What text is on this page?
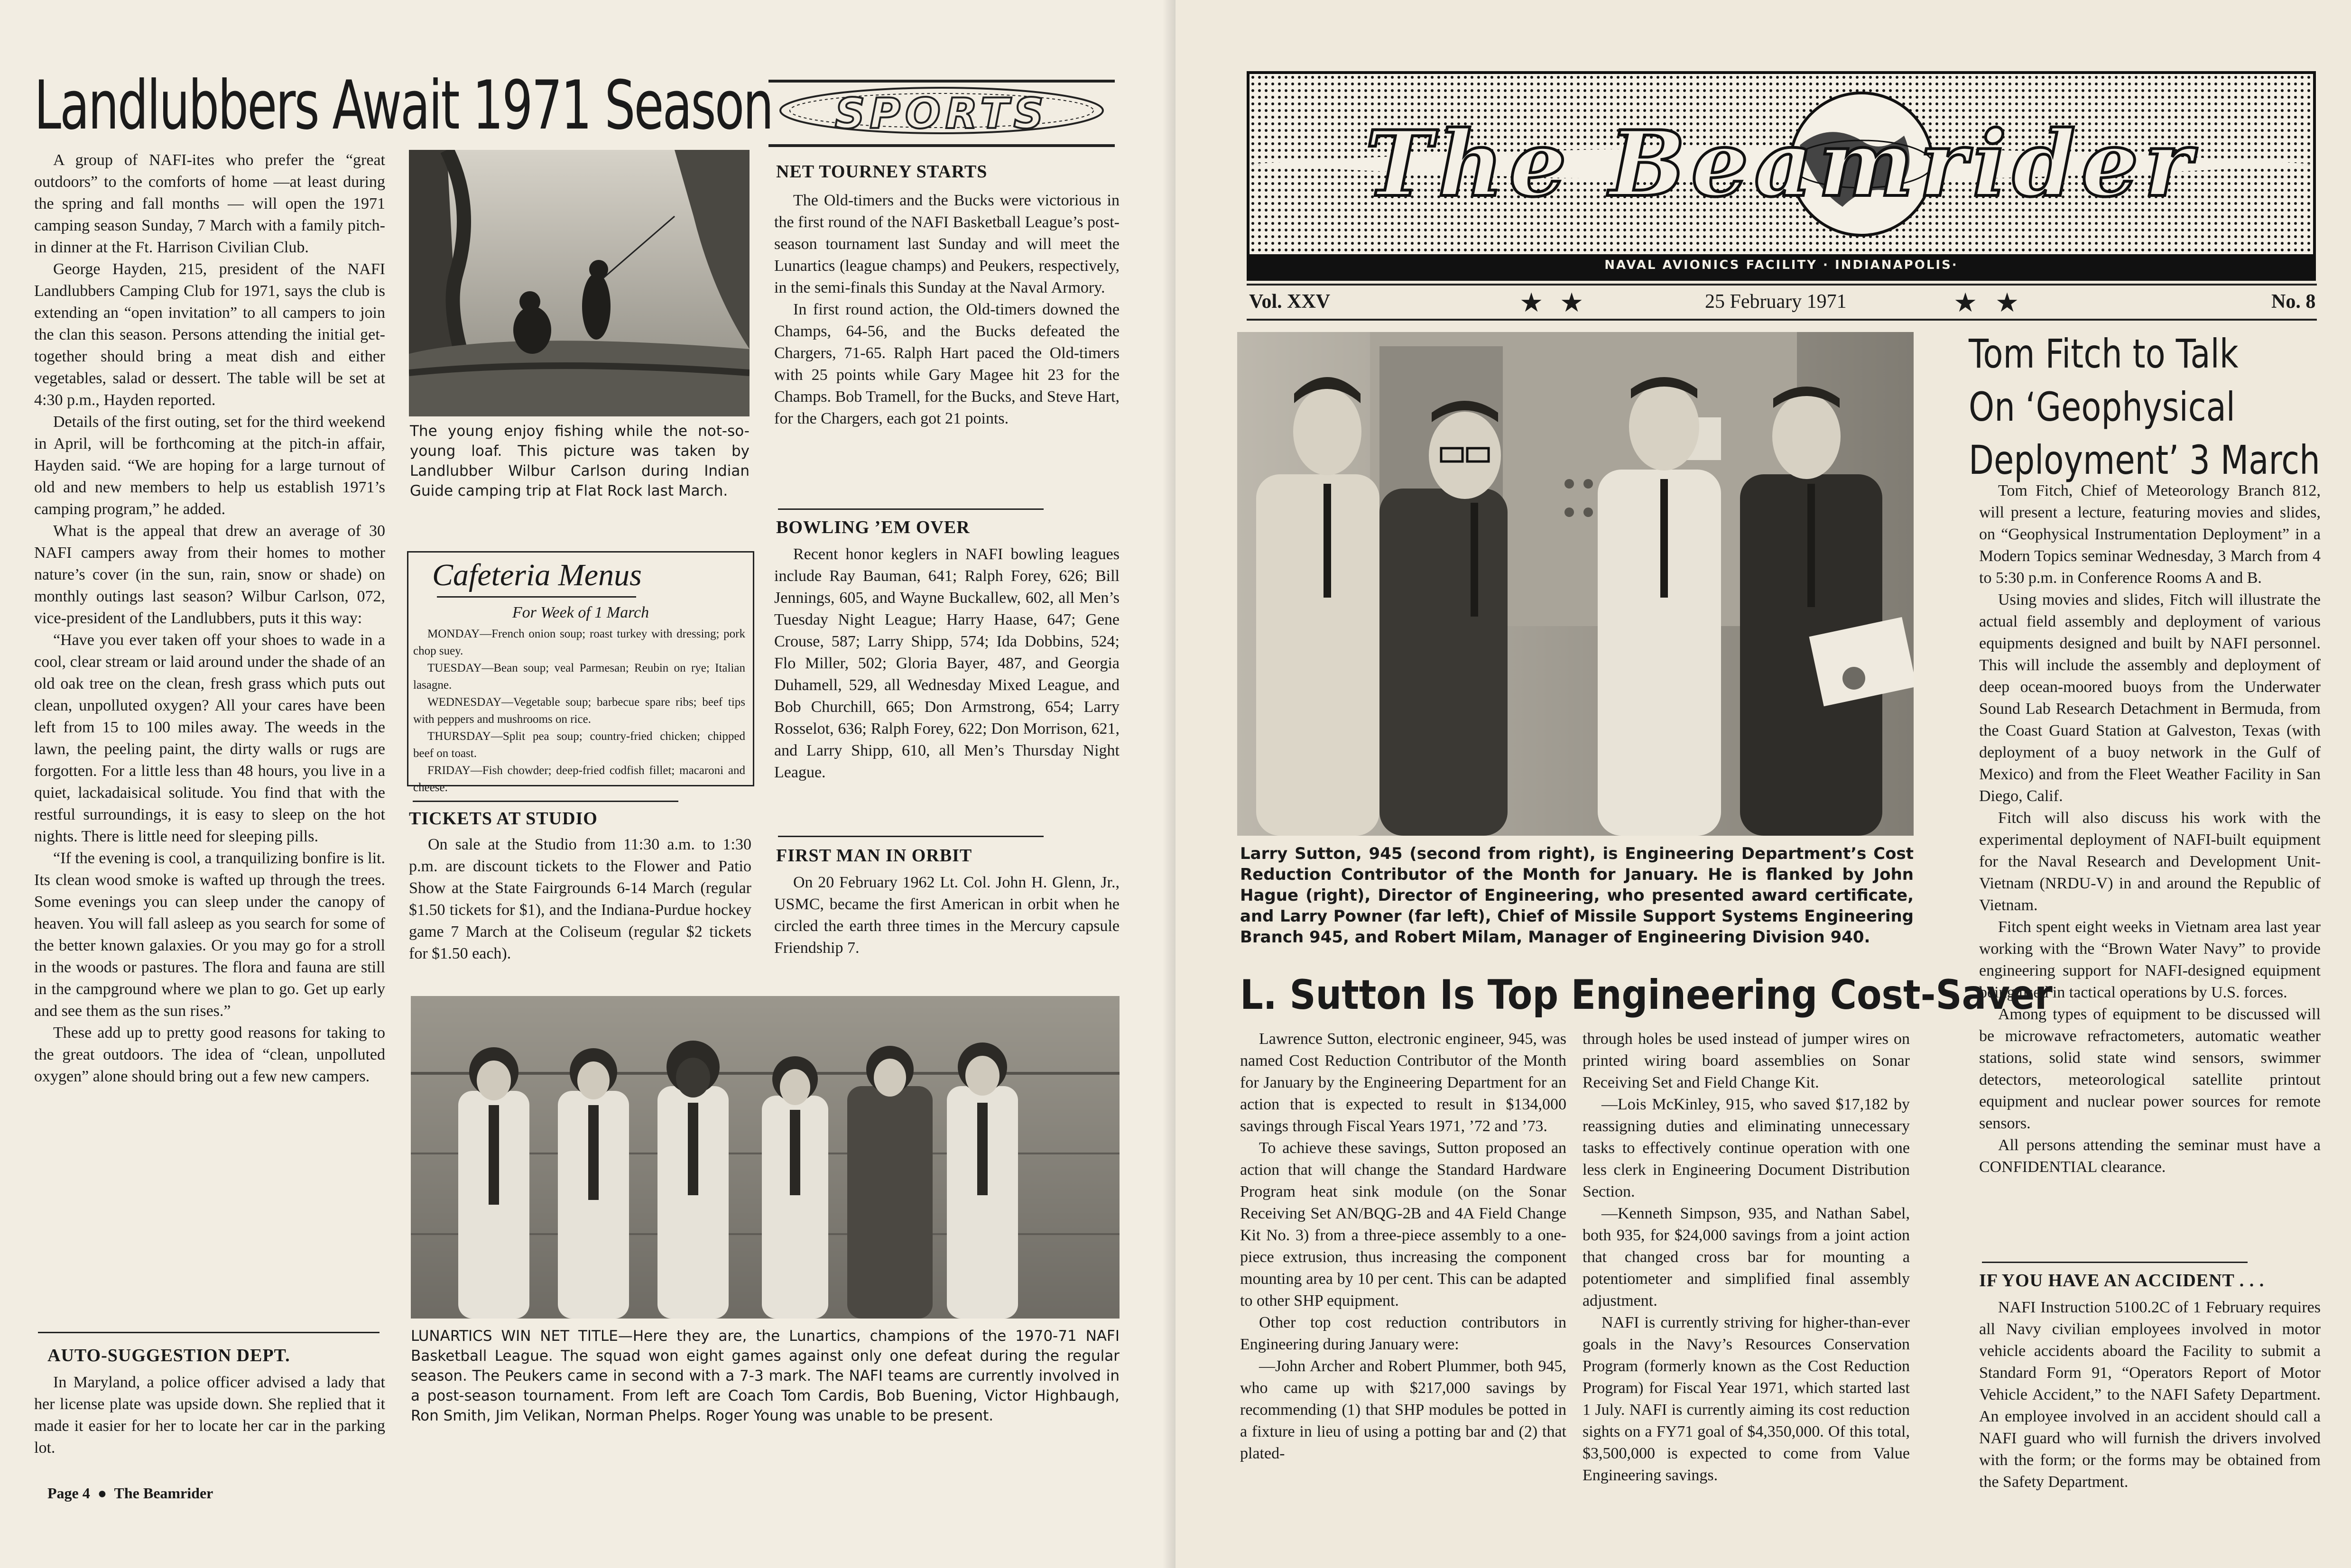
Landlubbers Await 1971 Season	SPORTS

A group of NAFI-ites who prefer the “great outdoors” to the comforts of home —at least during the spring and fall months — will open the 1971 camping season Sunday, 7 March with a family pitch-in dinner at the Ft. Harrison Civilian Club.

George Hayden, 215, president of the NAFI Landlubbers Camping Club for 1971, says the club is extending an “open invitation” to all campers to join the clan this season. Persons attending the initial get-together should bring a meat dish and either vegetables, salad or dessert. The table will be set at 4:30 p.m., Hayden reported.

Details of the first outing, set for the third weekend in April, will be forthcoming at the pitch-in affair, Hayden said. “We are hoping for a large turnout of old and new members to help us establish 1971’s camping program,” he added.

What is the appeal that drew an average of 30 NAFI campers away from their homes to mother nature’s cover (in the sun, rain, snow or shade) on monthly outings last season? Wilbur Carlson, 072, vice-president of the Landlubbers, puts it this way:

“Have you ever taken off your shoes to wade in a cool, clear stream or laid around under the shade of an old oak tree on the clean, fresh grass which puts out clean, unpolluted oxygen? All your cares have been left from 15 to 100 miles away. The weeds in the lawn, the peeling paint, the dirty walls or rugs are forgotten. For a little less than 48 hours, you live in a quiet, lackadaisical solitude. You find that with the restful surroundings, it is easy to sleep on the hot nights. There is little need for sleeping pills.

“If the evening is cool, a tranquilizing bonfire is lit. Its clean wood smoke is wafted up through the trees. Some evenings you can sleep under the canopy of heaven. You will fall asleep as you search for some of the better known galaxies. Or you may go for a stroll in the woods or pastures. The flora and fauna are still in the campground where we plan to go. Get up early and see them as the sun rises.”

These add up to pretty good reasons for taking to the great outdoors. The idea of “clean, unpolluted oxygen” alone should bring out a few new campers.

AUTO-SUGGESTION DEPT.

In Maryland, a police officer advised a lady that her license plate was upside down. She replied that it made it easier for her to locate her car in the parking lot.

Page 4  ●  The Beamrider

The young enjoy fishing while the not-so-young loaf. This picture was taken by Landlubber Wilbur Carlson during Indian Guide camping trip at Flat Rock last March.

Cafeteria Menus
For Week of 1 March
MONDAY—French onion soup; roast turkey with dressing; pork chop suey.
TUESDAY—Bean soup; veal Parmesan; Reubin on rye; Italian lasagne.
WEDNESDAY—Vegetable soup; barbecue spare ribs; beef tips with peppers and mushrooms on rice.
THURSDAY—Split pea soup; country-fried chicken; chipped beef on toast.
FRIDAY—Fish chowder; deep-fried codfish fillet; macaroni and cheese.
TICKETS AT STUDIO

On sale at the Studio from 11:30 a.m. to 1:30 p.m. are discount tickets to the Flower and Patio Show at the State Fairgrounds 6-14 March (regular $1.50 tickets for $1), and the Indiana-Purdue hockey game 7 March at the Coliseum (regular $2 tickets for $1.50 each).

NET TOURNEY STARTS

The Old-timers and the Bucks were victorious in the first round of the NAFI Basketball League’s post-season tournament last Sunday and will meet the Lunartics (league champs) and Peukers, respectively, in the semi-finals this Sunday at the Naval Armory.

In first round action, the Old-timers downed the Champs, 64-56, and the Bucks defeated the Chargers, 71-65. Ralph Hart paced the Old-timers with 25 points while Gary Magee hit 23 for the Champs. Bob Tramell, for the Bucks, and Steve Hart, for the Chargers, each got 21 points.

BOWLING ’EM OVER

Recent honor keglers in NAFI bowling leagues include Ray Bauman, 641; Ralph Forey, 626; Bill Jennings, 605, and Wayne Buckallew, 602, all Men’s Tuesday Night League; Harry Haase, 647; Gene Crouse, 587; Larry Shipp, 574; Ida Dobbins, 524; Flo Miller, 502; Gloria Bayer, 487, and Georgia Duhamell, 529, all Wednesday Mixed League, and Bob Churchill, 665; Don Armstrong, 654; Larry Rosselot, 636; Ralph Forey, 622; Don Morrison, 621, and Larry Shipp, 610, all Men’s Thursday Night League.

FIRST MAN IN ORBIT

On 20 February 1962 Lt. Col. John H. Glenn, Jr., USMC, became the first American in orbit when he circled the earth three times in the Mercury capsule Friendship 7.

LUNARTICS WIN NET TITLE—Here they are, the Lunartics, champions of the 1970-71 NAFI Basketball League. The squad won eight games against only one defeat during the regular season. The Peukers came in second with a 7-3 mark. The NAFI teams are currently involved in a post-season tournament. From left are Coach Tom Cardis, Bob Buening, Victor Highbaugh, Ron Smith, Jim Velikan, Norman Phelps. Roger Young was unable to be present.

The Beamrider
NAVAL AVIONICS FACILITY · INDIANAPOLIS·
Vol. XXV	★ ★	25 February 1971	★ ★	No. 8

Larry Sutton, 945 (second from right), is Engineering Department’s Cost Reduction Contributor of the Month for January. He is flanked by John Hague (right), Director of Engineering, who presented award certificate, and Larry Powner (far left), Chief of Missile Support Systems Engineering Branch 945, and Robert Milam, Manager of Engineering Division 940.

L. Sutton Is Top Engineering Cost-Saver

Lawrence Sutton, electronic engineer, 945, was named Cost Reduction Contributor of the Month for January by the Engineering Department for an action that is expected to result in $134,000 savings through Fiscal Years 1971, ’72 and ’73.

To achieve these savings, Sutton proposed an action that will change the Standard Hardware Program heat sink module (on the Sonar Receiving Set AN/BQG-2B and 4A Field Change Kit No. 3) from a three-piece assembly to a one-piece extrusion, thus increasing the component mounting area by 10 per cent. This can be adapted to other SHP equipment.

Other top cost reduction contributors in Engineering during January were:

—John Archer and Robert Plummer, both 945, who came up with $217,000 savings by recommending (1) that SHP modules be potted in a fixture in lieu of using a potting bar and (2) that plated-

through holes be used instead of jumper wires on printed wiring board assemblies on Sonar Receiving Set and Field Change Kit.

—Lois McKinley, 915, who saved $17,182 by reassigning duties and eliminating unnecessary tasks to effectively continue operation with one less clerk in Engineering Document Distribution Section.

—Kenneth Simpson, 935, and Nathan Sabel, both 935, for $24,000 savings from a joint action that changed cross bar for mounting a potentiometer and simplified final assembly adjustment.

NAFI is currently striving for higher-than-ever goals in the Navy’s Resources Conservation Program (formerly known as the Cost Reduction Program) for Fiscal Year 1971, which started last 1 July. NAFI is currently aiming its cost reduction sights on a FY71 goal of $4,350,000. Of this total, $3,500,000 is expected to come from Value Engineering savings.

Tom Fitch to Talk
On ‘Geophysical
Deployment’ 3 March

Tom Fitch, Chief of Meteorology Branch 812, will present a lecture, featuring movies and slides, on “Geophysical Instrumentation Deployment” in a Modern Topics seminar Wednesday, 3 March from 4 to 5:30 p.m. in Conference Rooms A and B.

Using movies and slides, Fitch will illustrate the actual field assembly and deployment of various equipments designed and built by NAFI personnel. This will include the assembly and deployment of deep ocean-moored buoys from the Underwater Sound Lab Research Detachment in Bermuda, from the Coast Guard Station at Galveston, Texas (with deployment of a buoy network in the Gulf of Mexico) and from the Fleet Weather Facility in San Diego, Calif.

Fitch will also discuss his work with the experimental deployment of NAFI-built equipment for the Naval Research and Development Unit-Vietnam (NRDU-V) in and around the Republic of Vietnam.

Fitch spent eight weeks in Vietnam area last year working with the “Brown Water Navy” to provide engineering support for NAFI-designed equipment being used in tactical operations by U.S. forces.

Among types of equipment to be discussed will be microwave refractometers, automatic weather stations, solid state wind sensors, swimmer detectors, meteorological satellite printout equipment and nuclear power sources for remote sensors.

All persons attending the seminar must have a CONFIDENTIAL clearance.

IF YOU HAVE AN ACCIDENT . . .

NAFI Instruction 5100.2C of 1 February requires all Navy civilian employees involved in motor vehicle accidents aboard the Facility to submit a Standard Form 91, “Operators Report of Motor Vehicle Accident,” to the NAFI Safety Department. An employee involved in an accident should call a NAFI guard who will furnish the drivers involved with the form; or the forms may be obtained from the Safety Department.
